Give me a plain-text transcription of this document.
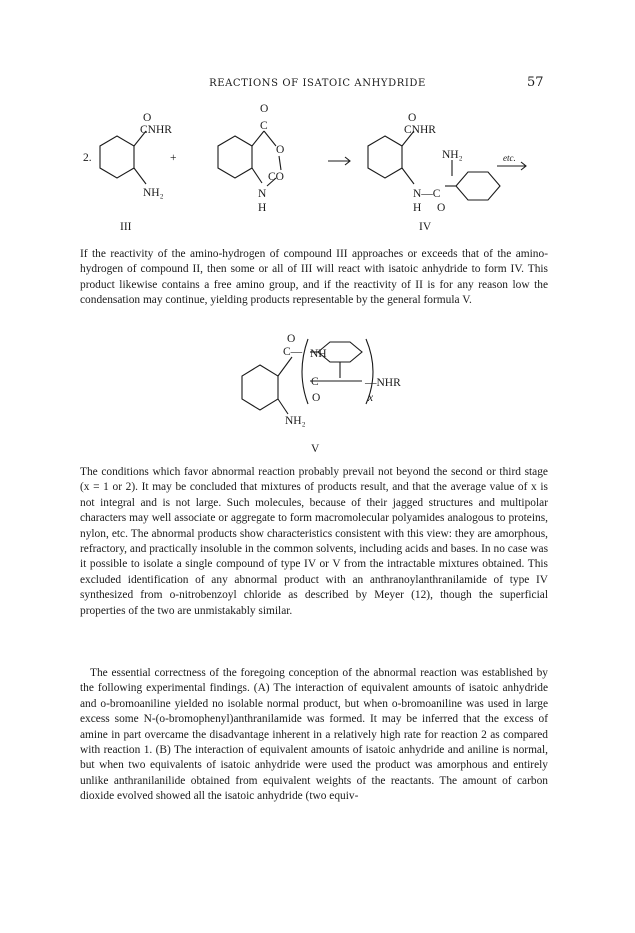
REACTIONS OF ISATOIC ANHYDRIDE	57
2.	+
O
CNHR
NH₂
III
O
C
O
CO
N
H
O
CNHR
NH₂
N—C
H O
IV
etc.
O
C— NH
C
O
—NHR
x
NH₂
V
If the reactivity of the amino-hydrogen of compound III approaches or exceeds that of the amino-hydrogen of compound II, then some or all of III will react with isatoic anhydride to form IV. This product likewise contains a free amino group, and if the reactivity of II is for any reason low the condensation may continue, yielding products representable by the general formula V.
The conditions which favor abnormal reaction probably prevail not beyond the second or third stage (x = 1 or 2). It may be concluded that mixtures of products result, and that the average value of x is not integral and is not large. Such molecules, because of their jagged structures and multipolar characters may well associate or aggregate to form macromolecular polyamides analogous to proteins, nylon, etc. The abnormal products show characteristics consistent with this view: they are amorphous, refractory, and practically insoluble in the common solvents, including acids and bases. In no case was it possible to isolate a single compound of type IV or V from the intractable mixtures obtained. This excluded identification of any abnormal product with an anthranoylanthranilamide of type IV synthesized from o-nitrobenzoyl chloride as described by Meyer (12), though the superficial properties of the two are unmistakably similar.
The essential correctness of the foregoing conception of the abnormal reaction was established by the following experimental findings. (A) The interaction of equivalent amounts of isatoic anhydride and o-bromoaniline yielded no isolable normal product, but when o-bromoaniline was used in large excess some N-(o-bromophenyl)anthranilamide was formed. It may be inferred that the excess of amine in part overcame the disadvantage inherent in a relatively high rate for reaction 2 as compared with reaction 1. (B) The interaction of equivalent amounts of isatoic anhydride and aniline is normal, but when two equivalents of isatoic anhydride were used the product was amorphous and entirely unlike anthranilanilide obtained from equivalent weights of the reactants. The amount of carbon dioxide evolved showed all the isatoic anhydride (two equiv-
